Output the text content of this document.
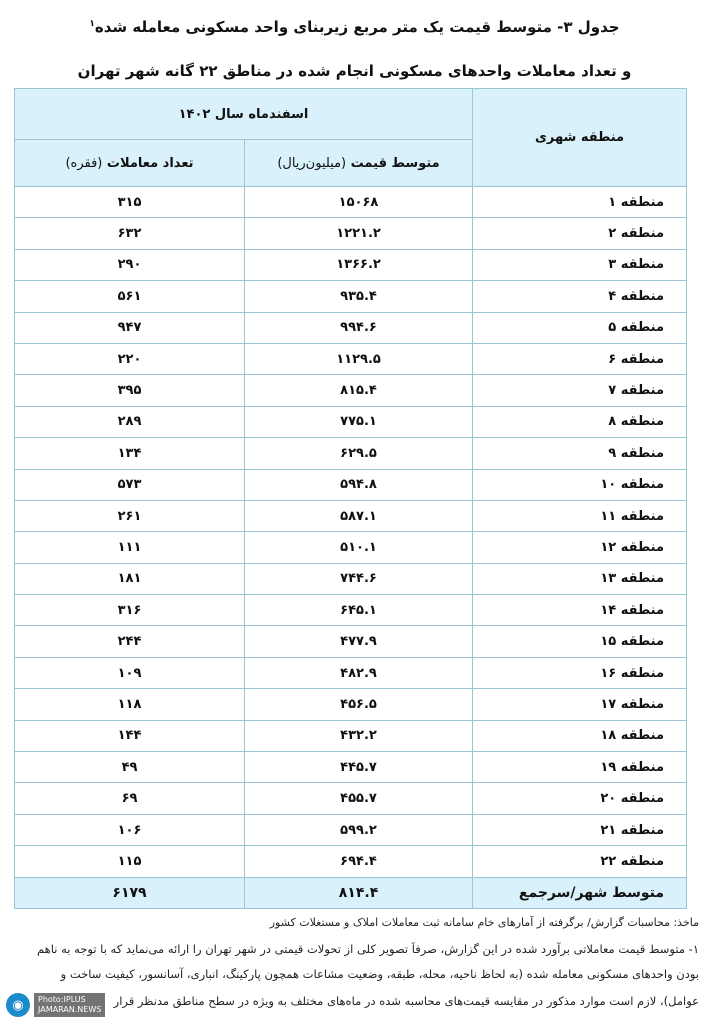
جدول ۳- متوسط قیمت یک متر مربع زیربنای واحد مسکونی معامله شده$^۱$
و تعداد معاملات واحدهای مسکونی انجام شده در مناطق ۲۲ گانه شهر تهران
منطقه شهری	اسفندماه سال ۱۴۰۲	
	متوسط قیمت (میلیون‌ریال)	تعداد معاملات (فقره)
منطقه ۱	۱۵۰۶۸	۳۱۵
منطقه ۲	۱۲۲۱.۲	۶۳۲
منطقه ۳	۱۳۶۶.۲	۲۹۰
منطقه ۴	۹۳۵.۴	۵۶۱
منطقه ۵	۹۹۴.۶	۹۴۷
منطقه ۶	۱۱۲۹.۵	۲۲۰
منطقه ۷	۸۱۵.۴	۳۹۵
منطقه ۸	۷۷۵.۱	۲۸۹
منطقه ۹	۶۲۹.۵	۱۳۴
منطقه ۱۰	۵۹۴.۸	۵۷۳
منطقه ۱۱	۵۸۷.۱	۲۶۱
منطقه ۱۲	۵۱۰.۱	۱۱۱
منطقه ۱۳	۷۴۴.۶	۱۸۱
منطقه ۱۴	۶۴۵.۱	۳۱۶
منطقه ۱۵	۴۷۷.۹	۲۴۴
منطقه ۱۶	۴۸۲.۹	۱۰۹
منطقه ۱۷	۴۵۶.۵	۱۱۸
منطقه ۱۸	۴۳۲.۲	۱۴۴
منطقه ۱۹	۴۴۵.۷	۴۹
منطقه ۲۰	۴۵۵.۷	۶۹
منطقه ۲۱	۵۹۹.۲	۱۰۶
منطقه ۲۲	۶۹۴.۴	۱۱۵
متوسط شهر/سرجمع	۸۱۴.۴	۶۱۷۹
ماخذ: محاسبات گزارش/ برگرفته از آمارهای خام سامانه ثبت معاملات املاک و مستغلات کشور
۱- متوسط قیمت معاملاتی برآورد شده در این گزارش، صرفاً تصویر کلی از تحولات قیمتی در شهر تهران را ارائه می‌نماید که با توجه به ناهم
بودن واحدهای مسکونی معامله شده (به لحاظ ناحیه، محله، طبقه، وضعیت مشاعات همچون پارکینگ، انباری، آسانسور، کیفیت ساخت و
عوامل)، لازم است موارد مذکور در مقایسه قیمت‌های محاسبه شده در ماه‌های مختلف به ویژه در سطح مناطق مدنظر قرار
◉	Photo:IPLUS
JAMARAN.NEWS
